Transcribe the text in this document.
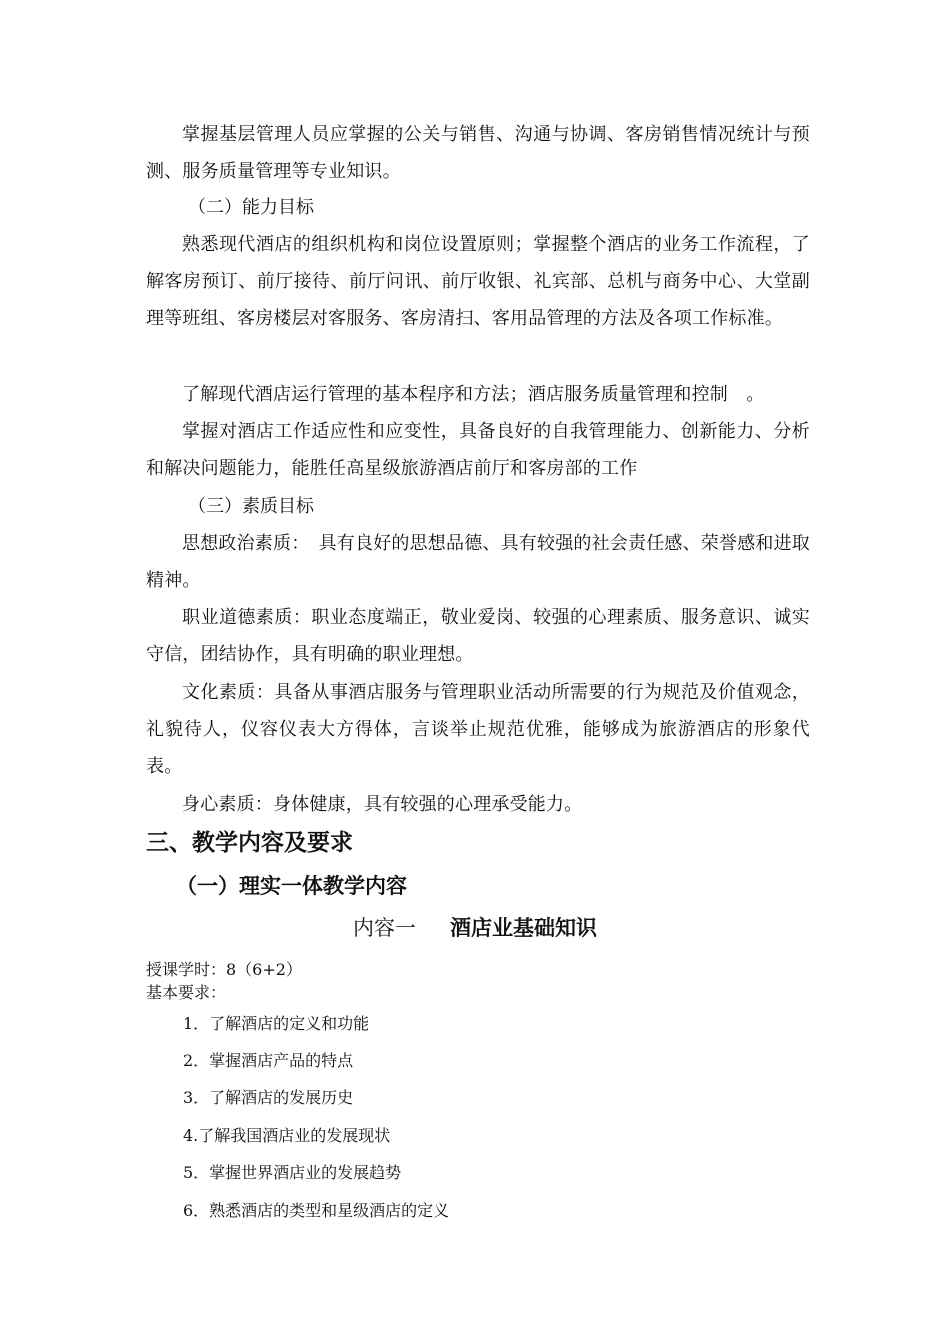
掌握基层管理人员应掌握的公关与销售、沟通与协调、客房销售情况统计与预测、服务质量管理等专业知识。

（二）能力目标

熟悉现代酒店的组织机构和岗位设置原则；掌握整个酒店的业务工作流程，了解客房预订、前厅接待、前厅问讯、前厅收银、礼宾部、总机与商务中心、大堂副理等班组、客房楼层对客服务、客房清扫、客用品管理的方法及各项工作标准。

了解现代酒店运行管理的基本程序和方法；酒店服务质量管理和控制　。

掌握对酒店工作适应性和应变性，具备良好的自我管理能力、创新能力、分析和解决问题能力，能胜任高星级旅游酒店前厅和客房部的工作

（三）素质目标

思想政治素质：　具有良好的思想品德、具有较强的社会责任感、荣誉感和进取精神。

职业道德素质：职业态度端正，敬业爱岗、较强的心理素质、服务意识、诚实守信，团结协作，具有明确的职业理想。

文化素质：具备从事酒店服务与管理职业活动所需要的行为规范及价值观念，礼貌待人，仪容仪表大方得体，言谈举止规范优雅，能够成为旅游酒店的形象代表。

身心素质：身体健康，具有较强的心理承受能力。

三、教学内容及要求

（一）理实一体教学内容

内容一 酒店业基础知识

授课学时：8（6+2）

基本要求：

1．了解酒店的定义和功能

2．掌握酒店产品的特点

3．了解酒店的发展历史

4.了解我国酒店业的发展现状

5．掌握世界酒店业的发展趋势

6．熟悉酒店的类型和星级酒店的定义
